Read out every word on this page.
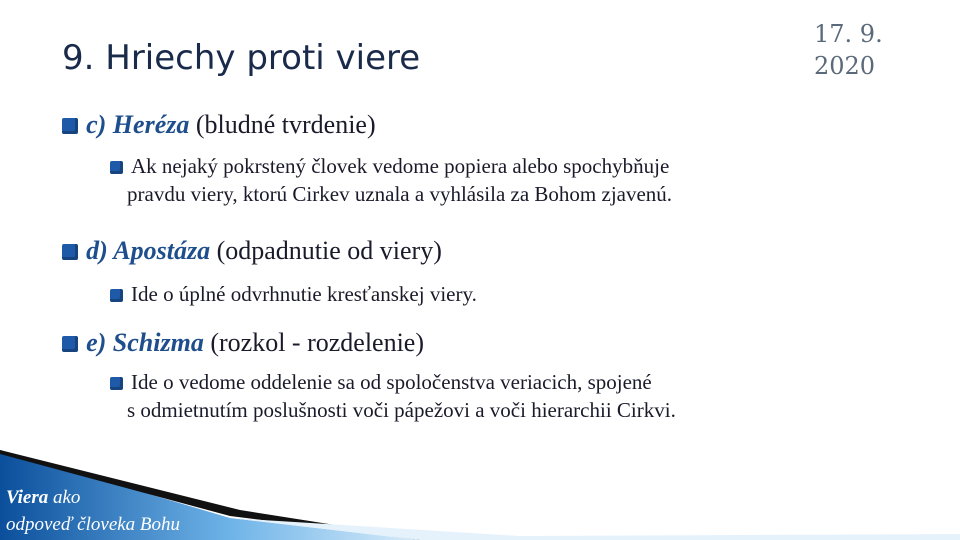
9. Hriechy proti viere
17. 9.
2020
c) Heréza (bludné tvrdenie)
Ak nejaký pokrstený človek vedome popiera alebo spochybňuje
pravdu viery, ktorú Cirkev uznala a vyhlásila za Bohom zjavenú.
d) Apostáza (odpadnutie od viery)
Ide o úplné odvrhnutie kresťanskej viery.
e) Schizma (rozkol - rozdelenie)
Ide o vedome oddelenie sa od spoločenstva veriacich, spojené
s odmietnutím poslušnosti voči pápežovi a voči hierarchii Cirkvi.
Viera ako
odpoveď človeka Bohu
